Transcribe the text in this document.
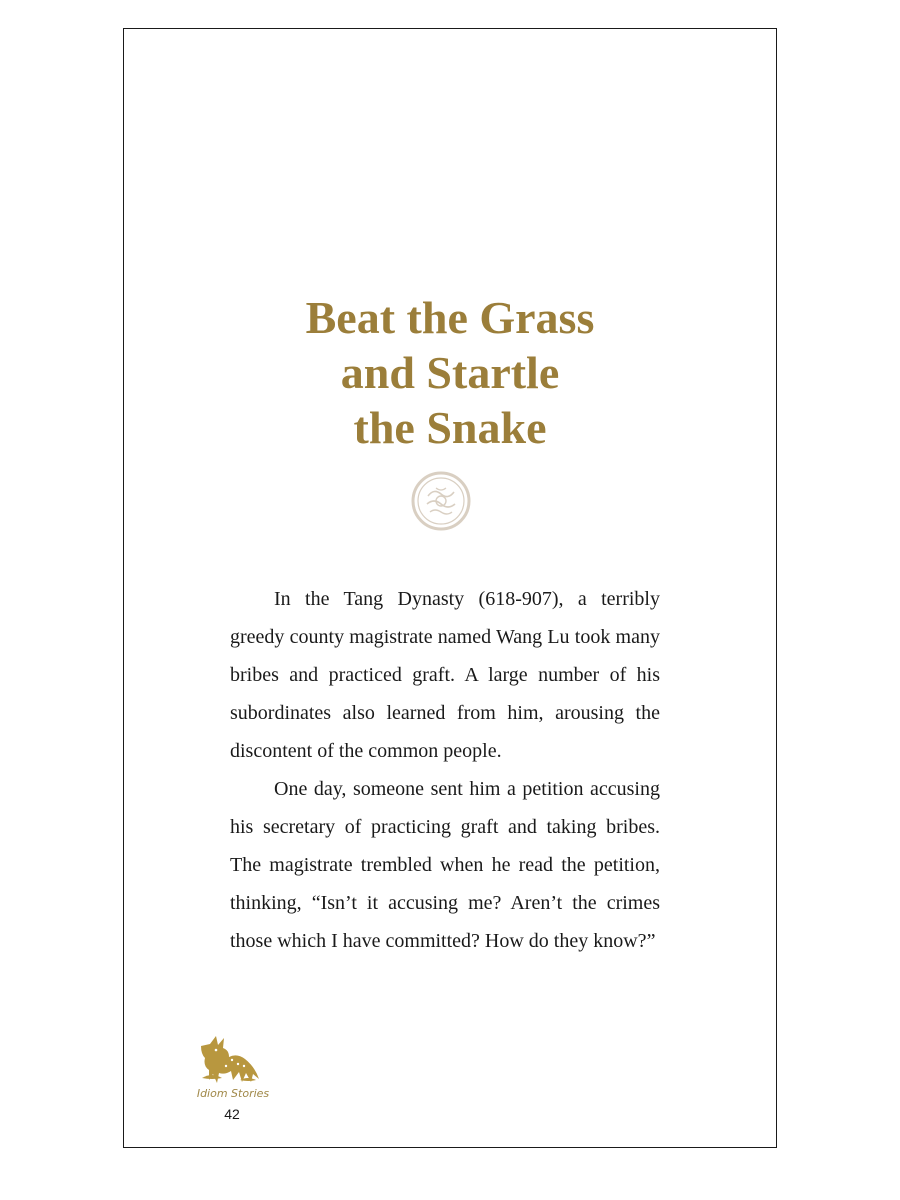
Beat the Grass
and Startle
the Snake

In the Tang Dynasty (618-907), a terribly greedy county magistrate named Wang Lu took many bribes and practiced graft. A large number of his subordinates also learned from him, arousing the discontent of the common people.

One day, someone sent him a petition accusing his secretary of practicing graft and taking bribes. The magistrate trembled when he read the petition, thinking, “Isn’t it accusing me? Aren’t the crimes those which I have committed? How do they know?”

Idiom Stories
42
